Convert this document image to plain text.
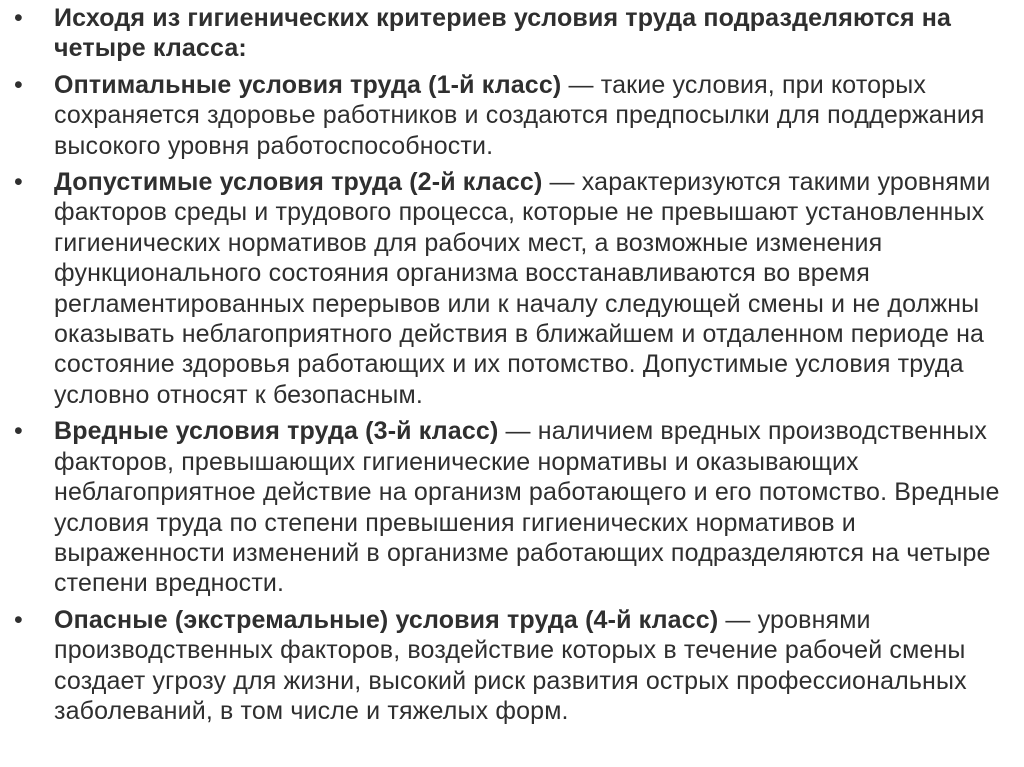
•	Исходя из гигиенических критериев условия труда подразделяются на четыре класса:
•	Оптимальные условия труда (1-й класс) — такие условия, при которых сохраняется здоровье работников и создаются предпосылки для поддержания высокого уровня работоспособности.
•	Допустимые условия труда (2-й класс) — характеризуются такими уровнями факторов среды и трудового процесса, которые не превышают установленных гигиенических нормативов для рабочих мест, а возможные изменения функционального состояния организма восстанавливаются во время регламентированных перерывов или к началу следующей смены и не должны оказывать неблагоприятного действия в ближайшем и отдаленном периоде на состояние здоровья работающих и их потомство. Допустимые условия труда условно относят к безопасным.
•	Вредные условия труда (3-й класс) — наличием вредных производственных факторов, превышающих гигиенические нормативы и оказывающих неблагоприятное действие на организм работающего и его потомство. Вредные условия труда по степени превышения гигиенических нормативов и выраженности изменений в организме работающих подразделяются на четыре степени вредности.
•	Опасные (экстремальные) условия труда (4-й класс) — уровнями производственных факторов, воздействие которых в течение рабочей смены создает угрозу для жизни, высокий риск развития острых профессиональных заболеваний, в том числе и тяжелых форм.
